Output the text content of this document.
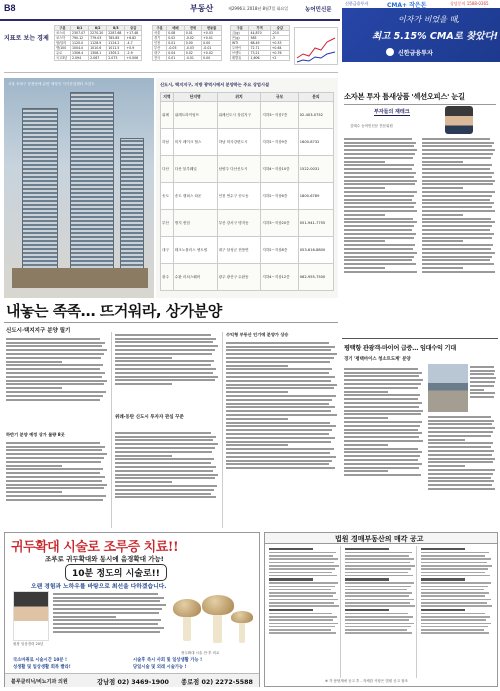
B8	부동산	제2996호 2018년 8월7일 화요일	농어민신문
신한금융투자	CMA+ 작은돈	상담문의 1588-0365
이자가 비었을 때,
최고 5.15% CMA로 찾았다!
신한금융투자
지표로 보는 경제
구분	8/1	8/2	8/3	증감
코스피	2307.07	2270.20	2287.68	+17.48
코스닥	790.12	779.03	785.85	+6.82
원/달러	1120.0	1128.9	1124.2	-4.7
엔/100	1004.0	1010.6	1011.5	+0.9
유로	1306.4	1308.1	1305.2	-2.9
국고3년	2.094	2.067	2.073	+0.006
구분	매매	전세	변동률
서울	0.08	0.01	+0.03
경기	0.02	-0.02	+0.01
인천	0.01	0.00	0.00
부산	-0.05	-0.03	-0.01
대구	0.04	0.02	+0.02
전국	0.01	-0.01	0.00
구분	가격	증감
금(g)	44,870	-210
은(g)	585	-3
WTI	68.49	+0.53
두바이	72.71	+0.64
브렌트	73.21	+0.76
휘발유	1,606	+2
서울 송파구 문정동에 분양 예정인 지식산업센터 조감도	신도시, 택지지구, 지방 광역시에서 분양하는 주요 상업시설
지역	단지명	위치	규모	문의
위례	위례트라이엄프	위례신도시 상업지구	지하3~지상7층	02-403-0752
하남	미사 레이크 힐스	하남 미사강변도시	지하2~지상9층	1600-8732
다산	다산 블루웨일	남양주 다산신도시	지하4~지상10층	1522-0031
송도	송도 캠퍼스 타운	인천 연수구 송도동	지하2~지상6층	1800-6789
부산	명지 퀸덤	부산 강서구 명지동	지하3~지상20층	051-941-7755
대구	테크노폴리스 센트럴	대구 달성군 현풍면	지하2~지상8층	053-616-8800
광주	수완 리치스퀘어	광주 광산구 수완동	지하4~지상12층	062-955-7500
내놓는 족족… 뜨거워라, 상가분양
신도시·택지지구 분양 릴기
하반기 분양 예정 상가 물량 8곳
위례·동탄 신도시 투자자 관심 꾸준
수익형 부동산 인기에 분양가 상승
소자본 투자 틈새상품 '섹션오피스' 눈길
부자들의 재테크
김태수 농어민신문 전문위원
평택항 관광객·마이어 급증… 임대수익 기대
경기 '평택마이스 청소트도계' 분양
귀두확대 시술로 조루증 치료!!
조루로 귀두확대와 동시에 음경확대 가능!
10분 정도의 시술로!!
오랜 경험과 노하우를 바탕으로 최선을 다하겠습니다.
원장 임상경력 20년
귀두확대 시술 전·후 비교
국소마취로 시술시간 10분 !	시술후 즉시 사회 및 일상생활 가능 !
성생활 및 일상생활 회복 빨라!	당일시술 및 외래 시술가능 !
블루클리닉/비뇨기과 의원	강남점 02) 3469-1900 종로점 02) 2272-5588
법원 경매부동산의 매각 공고
※ 각 담당계에 공고 후 - 자세한 사항은 법원 공고 참조
